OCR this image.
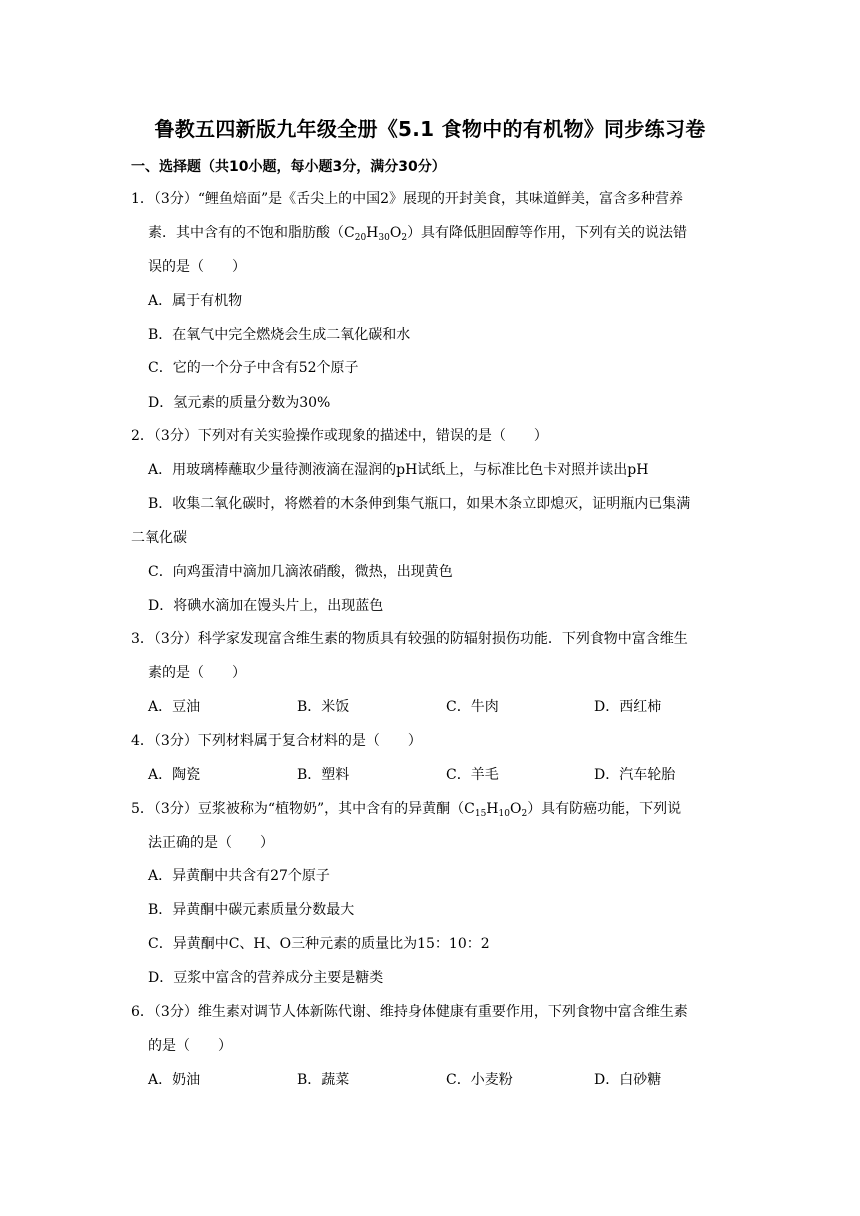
鲁教五四新版九年级全册《5.1 食物中的有机物》同步练习卷
一、选择题（共10小题，每小题3分，满分30分）
1．（3分）“鲤鱼焙面”是《舌尖上的中国2》展现的开封美食，其味道鲜美，富含多种营养
素．其中含有的不饱和脂肪酸$(C_{20}H_{30}O_2)$具有降低胆固醇等作用，下列有关的说法错
误的是（　　）
A．属于有机物
B．在氧气中完全燃烧会生成二氧化碳和水
C．它的一个分子中含有52个原子
D．氢元素的质量分数为30%
2．（3分）下列对有关实验操作或现象的描述中，错误的是（　　）
A．用玻璃棒蘸取少量待测液滴在湿润的pH试纸上，与标准比色卡对照并读出pH
B．收集二氧化碳时，将燃着的木条伸到集气瓶口，如果木条立即熄灭，证明瓶内已集满
二氧化碳
C．向鸡蛋清中滴加几滴浓硝酸，微热，出现黄色
D．将碘水滴加在馒头片上，出现蓝色
3．（3分）科学家发现富含维生素的物质具有较强的防辐射损伤功能．下列食物中富含维生
素的是（　　）
A．豆油	B．米饭	C．牛肉	D．西红柿
4．（3分）下列材料属于复合材料的是（　　）
A．陶瓷	B．塑料	C．羊毛	D．汽车轮胎
5．（3分）豆浆被称为“植物奶”，其中含有的异黄酮$(C_{15}H_{10}O_2)$具有防癌功能，下列说
法正确的是（　　）
A．异黄酮中共含有27个原子
B．异黄酮中碳元素质量分数最大
C．异黄酮中C、H、O三种元素的质量比为15：10：2
D．豆浆中富含的营养成分主要是糖类
6．（3分）维生素对调节人体新陈代谢、维持身体健康有重要作用，下列食物中富含维生素
的是（　　）
A．奶油	B．蔬菜	C．小麦粉	D．白砂糖
